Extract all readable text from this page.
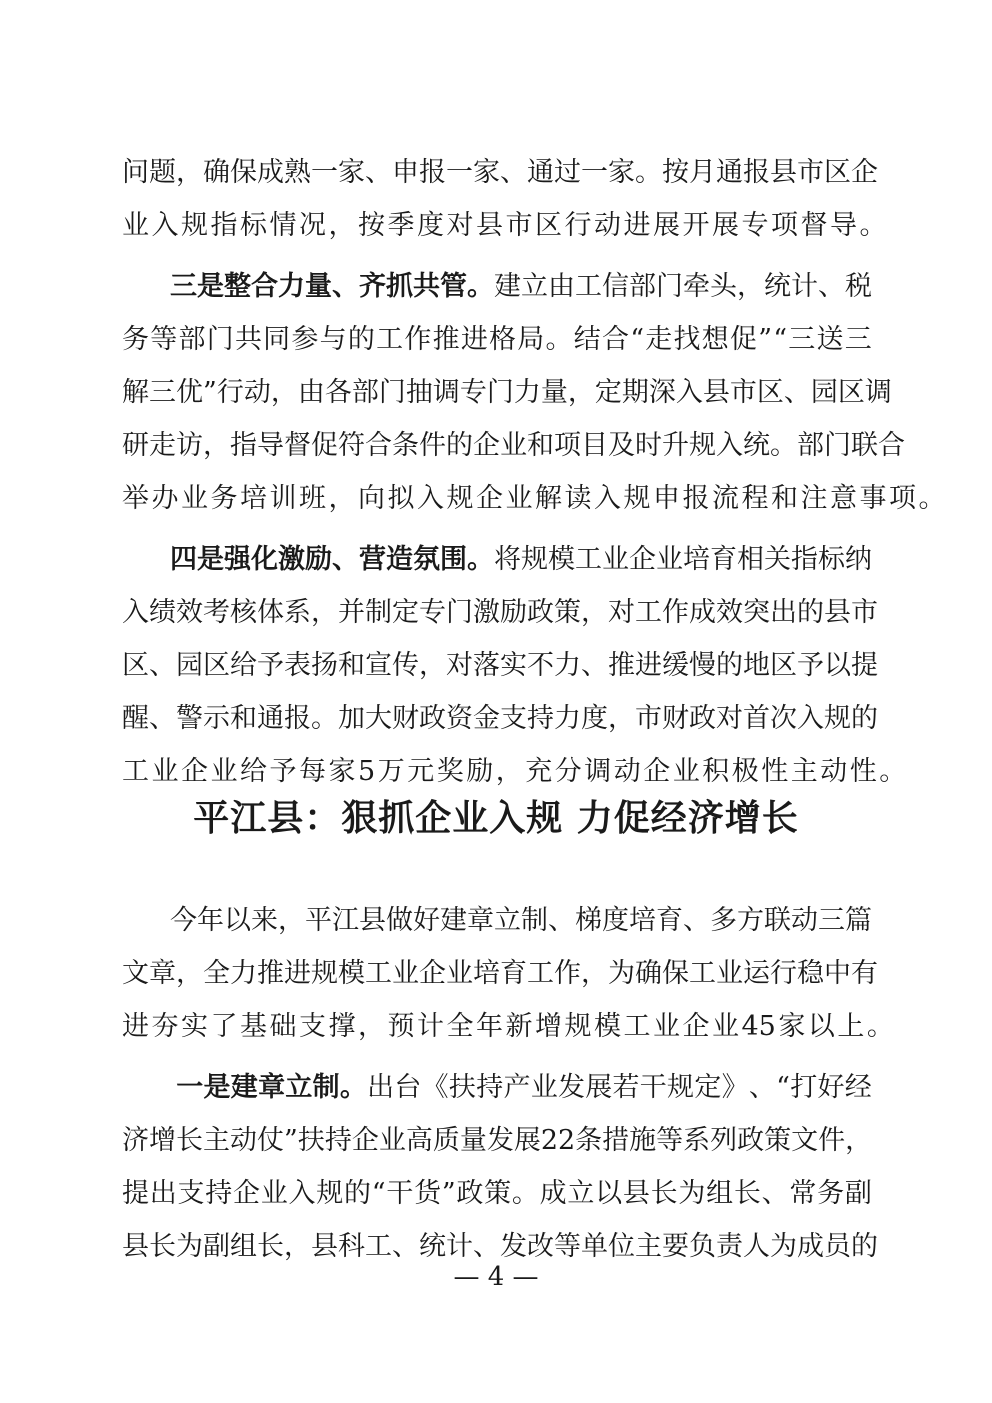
问 题 ， 确 保 成 熟 一 家 、 申 报 一 家 、 通 过 一 家 。 按 月 通 报 县 市 区 企
业 入 规 指 标 情 况 ， 按 季 度 对 县 市 区 行 动 进 展 开 展 专 项 督 导 。
三 是 整 合 力 量 、 齐 抓 共 管 。 建 立 由 工 信 部 门 牵 头 ， 统 计 、 税
务 等 部 门 共 同 参 与 的 工 作 推 进 格 局 。 结 合 “ 走 找 想 促 ” “ 三 送 三
解 三 优 ” 行 动 ， 由 各 部 门 抽 调 专 门 力 量 ， 定 期 深 入 县 市 区 、 园 区 调
研 走 访 ， 指 导 督 促 符 合 条 件 的 企 业 和 项 目 及 时 升 规 入 统 。 部 门 联 合
举 办 业 务 培 训 班 ， 向 拟 入 规 企 业 解 读 入 规 申 报 流 程 和 注 意 事 项 。
四 是 强 化 激 励 、 营 造 氛 围 。 将 规 模 工 业 企 业 培 育 相 关 指 标 纳
入 绩 效 考 核 体 系 ， 并 制 定 专 门 激 励 政 策 ， 对 工 作 成 效 突 出 的 县 市
区 、 园 区 给 予 表 扬 和 宣 传 ， 对 落 实 不 力 、 推 进 缓 慢 的 地 区 予 以 提
醒 、 警 示 和 通 报 。 加 大 财 政 资 金 支 持 力 度 ， 市 财 政 对 首 次 入 规 的
工 业 企 业 给 予 每 家 5 万 元 奖 励 ， 充 分 调 动 企 业 积 极 性 主 动 性 。
平江县：狠抓企业入规 力促经济增长
今 年 以 来 ， 平 江 县 做 好 建 章 立 制 、 梯 度 培 育 、 多 方 联 动 三 篇
文 章 ， 全 力 推 进 规 模 工 业 企 业 培 育 工 作 ， 为 确 保 工 业 运 行 稳 中 有
进 夯 实 了 基 础 支 撑 ， 预 计 全 年 新 增 规 模 工 业 企 业 45 家 以 上 。
一 是 建 章 立 制 。 出 台 《 扶 持 产 业 发 展 若 干 规 定 》 、 “ 打 好 经
济 增 长 主 动 仗 ” 扶 持 企 业 高 质 量 发 展 22 条 措 施 等 系 列 政 策 文 件 ，
提 出 支 持 企 业 入 规 的 “ 干 货 ” 政 策 。 成 立 以 县 长 为 组 长 、 常 务 副
县 长 为 副 组 长 ， 县 科 工 、 统 计 、 发 改 等 单 位 主 要 负 责 人 为 成 员 的
— 4 —
